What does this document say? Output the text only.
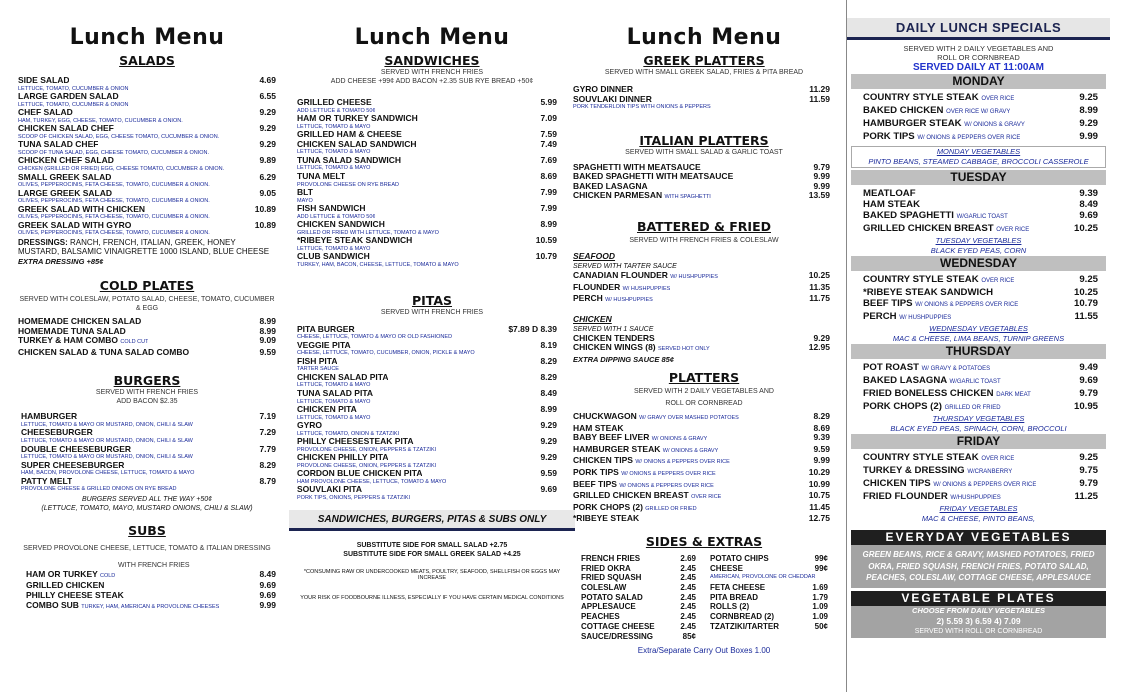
Lunch Menu
SALADS
SIDE SALAD	4.69
LETTUCE, TOMATO, CUCUMBER & ONION
LARGE GARDEN SALAD	6.55
LETTUCE, TOMATO, CUCUMBER & ONION
CHEF SALAD	9.29
HAM, TURKEY, EGG, CHEESE, TOMATO, CUCUMBER & ONION.
CHICKEN SALAD CHEF	9.29
SCOOP OF CHICKEN SALAD, EGG, CHEESE TOMATO, CUCUMBER & ONION.
TUNA SALAD CHEF	9.29
SCOOP OF TUNA SALAD, EGG, CHEESE TOMATO, CUCUMBER & ONION.
CHICKEN CHEF SALAD	9.89
CHICKEN (GRILLED OR FRIED) EGG, CHEESE TOMATO, CUCUMBER & ONION.
SMALL GREEK SALAD	6.29
OLIVES, PEPPEROCINIS, FETA CHEESE, TOMATO, CUCUMBER & ONION.
LARGE GREEK SALAD	9.05
OLIVES, PEPPEROCINIS, FETA CHEESE, TOMATO, CUCUMBER & ONION.
GREEK SALAD WITH CHICKEN	10.89
OLIVES, PEPPEROCINIS, FETA CHEESE, TOMATO, CUCUMBER & ONION.
GREEK SALAD WITH GYRO	10.89
OLIVES, PEPPEROCINIS, FETA CHEESE, TOMATO, CUCUMBER & ONION.
DRESSINGS: RANCH, FRENCH, ITALIAN, GREEK, HONEY MUSTARD, BALSAMIC VINAIGRETTE 1000 ISLAND, BLUE CHEESE
EXTRA DRESSING +85¢
COLD PLATES
SERVED WITH COLESLAW, POTATO SALAD, CHEESE, TOMATO, CUCUMBER & EGG
HOMEMADE CHICKEN SALAD	8.99
HOMEMADE TUNA SALAD	8.99
TURKEY & HAM COMBO COLD CUT	9.09
CHICKEN SALAD & TUNA SALAD COMBO	9.59
BURGERS
SERVED WITH FRENCH FRIES
ADD BACON $2.35
HAMBURGER	7.19
LETTUCE, TOMATO & MAYO OR MUSTARD, ONION, CHILI & SLAW
CHEESEBURGER	7.29
LETTUCE, TOMATO & MAYO OR MUSTARD, ONION, CHILI & SLAW
DOUBLE CHEESEBURGER	7.79
LETTUCE, TOMATO & MAYO OR MUSTARD, ONION, CHILI & SLAW
SUPER CHEESEBURGER	8.29
HAM, BACON, PROVOLONE CHEESE, LETTUCE, TOMATO & MAYO
PATTY MELT	8.79
PROVOLONE CHEESE & GRILLED ONIONS ON RYE BREAD
BURGERS SERVED ALL THE WAY +50¢
(LETTUCE, TOMATO, MAYO, MUSTARD ONIONS, CHILI & SLAW)
SUBS
SERVED PROVOLONE CHEESE, LETTUCE, TOMATO & ITALIAN DRESSING
WITH FRENCH FRIES
HAM OR TURKEY COLD	8.49
GRILLED CHICKEN	9.69
PHILLY CHEESE STEAK	9.69
COMBO SUB TURKEY, HAM, AMERICAN & PROVOLONE CHEESES	9.99
Lunch Menu
SANDWICHES
SERVED WITH FRENCH FRIES
ADD CHEESE +99¢ ADD BACON +2.35 SUB RYE BREAD +50¢
GRILLED CHEESE	5.99
ADD LETTUCE & TOMATO 50¢
HAM OR TURKEY SANDWICH	7.09
LETTUCE, TOMATO & MAYO
GRILLED HAM & CHEESE	7.59
CHICKEN SALAD SANDWICH	7.49
LETTUCE, TOMATO & MAYO
TUNA SALAD SANDWICH	7.69
LETTUCE, TOMATO & MAYO
TUNA MELT	8.69
PROVOLONE CHEESE ON RYE BREAD
BLT	7.99
MAYO
FISH SANDWICH	7.99
ADD LETTUCE & TOMATO 50¢
CHICKEN SANDWICH	8.99
GRILLED OR FRIED WITH LETTUCE, TOMATO & MAYO
*RIBEYE STEAK SANDWICH	10.59
LETTUCE, TOMATO & MAYO
CLUB SANDWICH	10.79
TURKEY, HAM, BACON, CHEESE, LETTUCE, TOMATO & MAYO
PITAS
SERVED WITH FRENCH FRIES
PITA BURGER	$7.89 D 8.39
CHEESE, LETTUCE, TOMATO & MAYO OR OLD FASHIONED
VEGGIE PITA	8.19
CHEESE, LETTUCE, TOMATO, CUCUMBER, ONION, PICKLE & MAYO
FISH PITA	8.29
TARTER SAUCE
CHICKEN SALAD PITA	8.29
LETTUCE, TOMATO & MAYO
TUNA SALAD PITA	8.49
LETTUCE, TOMATO & MAYO
CHICKEN PITA	8.99
LETTUCE, TOMATO & MAYO
GYRO	9.29
LETTUCE, TOMATO, ONION & TZATZIKI
PHILLY CHEESESTEAK PITA	9.29
PROVOLONE CHEESE, ONION, PEPPERS & TZATZIKI
CHICKEN PHILLY PITA	9.29
PROVOLONE CHEESE, ONION, PEPPERS & TZATZIKI
CORDON BLUE CHICKEN PITA	9.59
HAM PROVOLONE CHEESE, LETTUCE, TOMATO & MAYO
SOUVLAKI PITA	9.69
PORK TIPS, ONIONS, PEPPERS & TZATZIKI
SANDWICHES, BURGERS, PITAS & SUBS ONLY
SUBSTITUTE SIDE FOR SMALL SALAD +2.75
SUBSTITUTE SIDE FOR SMALL GREEK SALAD +4.25
*CONSUMING RAW OR UNDERCOOKED MEATS, POULTRY, SEAFOOD, SHELLFISH OR EGGS MAY INCREASE
YOUR RISK OF FOODBOURNE ILLNESS, ESPECIALLY IF YOU HAVE CERTAIN MEDICAL CONDITIONS
Lunch Menu
GREEK PLATTERS
SERVED WITH SMALL GREEK SALAD, FRIES & PITA BREAD
GYRO DINNER	11.29
SOUVLAKI DINNER	11.59
PORK TENDERLOIN TIPS WITH ONIONS & PEPPERS
ITALIAN PLATTERS
SERVED WITH SMALL SALAD & GARLIC TOAST
SPAGHETTI WITH MEATSAUCE	9.79
BAKED SPAGHETTI WITH MEATSAUCE	9.99
BAKED LASAGNA	9.99
CHICKEN PARMESAN WITH SPAGHETTI	13.59
BATTERED & FRIED
SERVED WITH FRENCH FRIES & COLESLAW
SEAFOOD
SERVED WITH TARTER SAUCE
CANADIAN FLOUNDER W/ HUSHPUPPIES	10.25
FLOUNDER W/ HUSHPUPPIES	11.35
PERCH W/ HUSHPUPPIES	11.75
CHICKEN
SERVED WITH 1 SAUCE
CHICKEN TENDERS	9.29
CHICKEN WINGS (8) SERVED HOT ONLY	12.95
EXTRA DIPPING SAUCE 85¢
PLATTERS
SERVED WITH 2 DAILY VEGETABLES AND
ROLL OR CORNBREAD
CHUCKWAGON W/ GRAVY OVER MASHED POTATOES	8.29
HAM STEAK	8.69
BABY BEEF LIVER W/ ONIONS & GRAVY	9.39
HAMBURGER STEAK W/ ONIONS & GRAVY	9.59
CHICKEN TIPS W/ ONIONS & PEPPERS OVER RICE	9.99
PORK TIPS W/ ONIONS & PEPPERS OVER RICE	10.29
BEEF TIPS W/ ONIONS & PEPPERS OVER RICE	10.99
GRILLED CHICKEN BREAST OVER RICE	10.75
PORK CHOPS (2) GRILLED OR FRIED	11.45
*RIBEYE STEAK	12.75
SIDES & EXTRAS
FRENCH FRIES	2.69
FRIED OKRA	2.45
FRIED SQUASH	2.45
COLESLAW	2.45
POTATO SALAD	2.45
APPLESAUCE	2.45
PEACHES	2.45
COTTAGE CHEESE	2.45
SAUCE/DRESSING	85¢
POTATO CHIPS	99¢
CHEESE	99¢
AMERICAN, PROVOLONE OR CHEDDAR
FETA CHEESE	1.69
PITA BREAD	1.79
ROLLS (2)	1.09
CORNBREAD (2)	1.09
TZATZIKI/TARTER	50¢
Extra/Separate Carry Out Boxes 1.00
DAILY LUNCH SPECIALS
SERVED WITH 2 DAILY VEGETABLES AND
ROLL OR CORNBREAD
SERVED DAILY AT 11:00AM
MONDAY
COUNTRY STYLE STEAK OVER RICE	9.25
BAKED CHICKEN OVER RICE W/ GRAVY	8.99
HAMBURGER STEAK W/ ONIONS & GRAVY	9.29
PORK TIPS W/ ONIONS & PEPPERS OVER RICE	9.99
MONDAY VEGETABLES
PINTO BEANS, STEAMED CABBAGE, BROCCOLI CASSEROLE
TUESDAY
MEATLOAF	9.39
HAM STEAK	8.49
BAKED SPAGHETTI W/GARLIC TOAST	9.69
GRILLED CHICKEN BREAST OVER RICE	10.25
TUESDAY VEGETABLES
BLACK EYED PEAS, CORN
WEDNESDAY
COUNTRY STYLE STEAK OVER RICE	9.25
*RIBEYE STEAK SANDWICH	10.25
BEEF TIPS W/ ONIONS & PEPPERS OVER RICE	10.79
PERCH W/ HUSHPUPPIES	11.55
WEDNESDAY VEGETABLES
MAC & CHEESE, LIMA BEANS, TURNIP GREENS
THURSDAY
POT ROAST W/ GRAVY & POTATOES	9.49
BAKED LASAGNA W/GARLIC TOAST	9.69
FRIED BONELESS CHICKEN DARK MEAT	9.79
PORK CHOPS (2) GRILLED OR FRIED	10.95
THURSDAY VEGETABLES
BLACK EYED PEAS, SPINACH, CORN, BROCCOLI
FRIDAY
COUNTRY STYLE STEAK OVER RICE	9.25
TURKEY & DRESSING W/CRANBERRY	9.75
CHICKEN TIPS W/ ONIONS & PEPPERS OVER RICE	9.79
FRIED FLOUNDER W/HUSHPUPPIES	11.25
FRIDAY VEGETABLES
MAC & CHEESE, PINTO BEANS,
EVERYDAY VEGETABLES
GREEN BEANS, RICE & GRAVY, MASHED POTATOES, FRIED OKRA, FRIED SQUASH, FRENCH FRIES, POTATO SALAD, PEACHES, COLESLAW, COTTAGE CHEESE, APPLESAUCE
VEGETABLE PLATES
CHOOSE FROM DAILY VEGETABLES
2) 5.59 3) 6.59 4) 7.09
SERVED WITH ROLL OR CORNBREAD
